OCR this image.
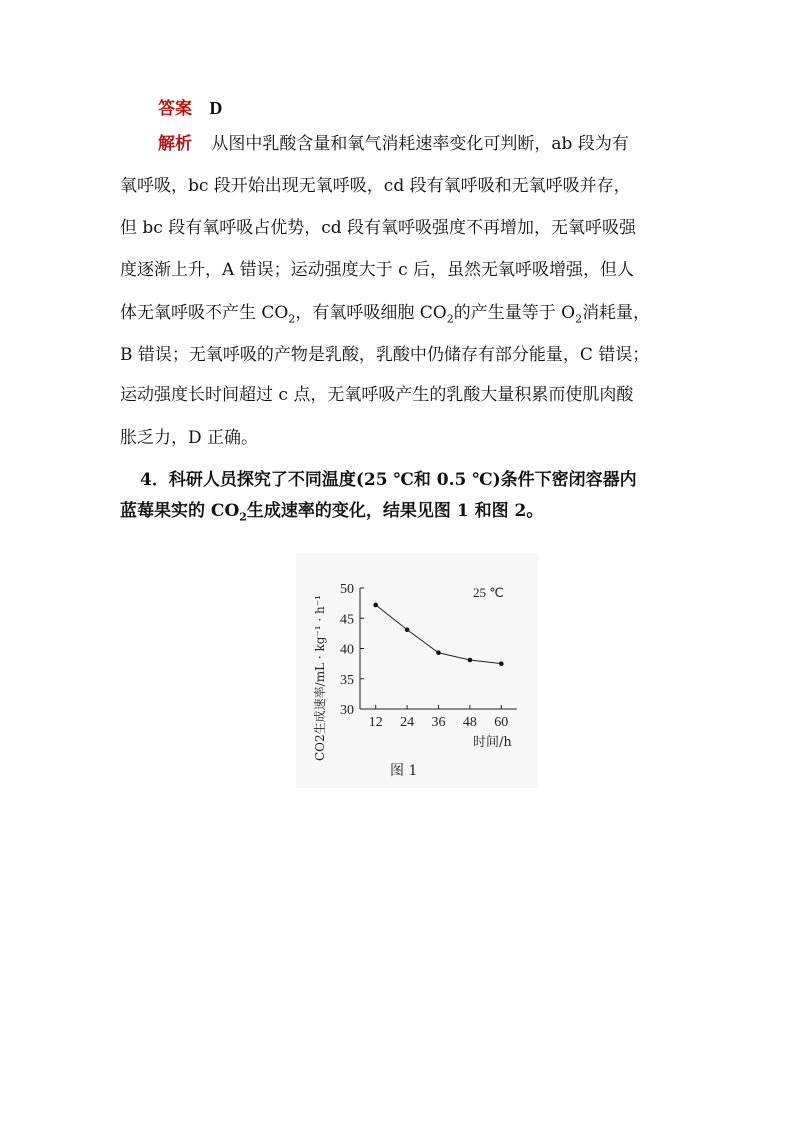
答案 D
解析 从图中乳酸含量和氧气消耗速率变化可判断，ab 段为有
氧呼吸，bc 段开始出现无氧呼吸，cd 段有氧呼吸和无氧呼吸并存，
但 bc 段有氧呼吸占优势，cd 段有氧呼吸强度不再增加，无氧呼吸强
度逐渐上升，A 错误；运动强度大于 c 后，虽然无氧呼吸增强，但人
体无氧呼吸不产生 $CO_2$，有氧呼吸细胞 $CO_2$的产生量等于 $O_2$消耗量，
B 错误；无氧呼吸的产物是乳酸，乳酸中仍储存有部分能量，C 错误；
运动强度长时间超过 c 点，无氧呼吸产生的乳酸大量积累而使肌肉酸
胀乏力，D 正确。
4．科研人员探究了不同温度(25 ℃和 0.5 ℃)条件下密闭容器内
蓝莓果实的 $CO_2$生成速率的变化，结果见图 1 和图 2。
30
35
40
45
50
12 24 36 48 60
25 ℃
时间/h
CO2生成速率/mL · kg⁻¹ · h⁻¹
图 1
